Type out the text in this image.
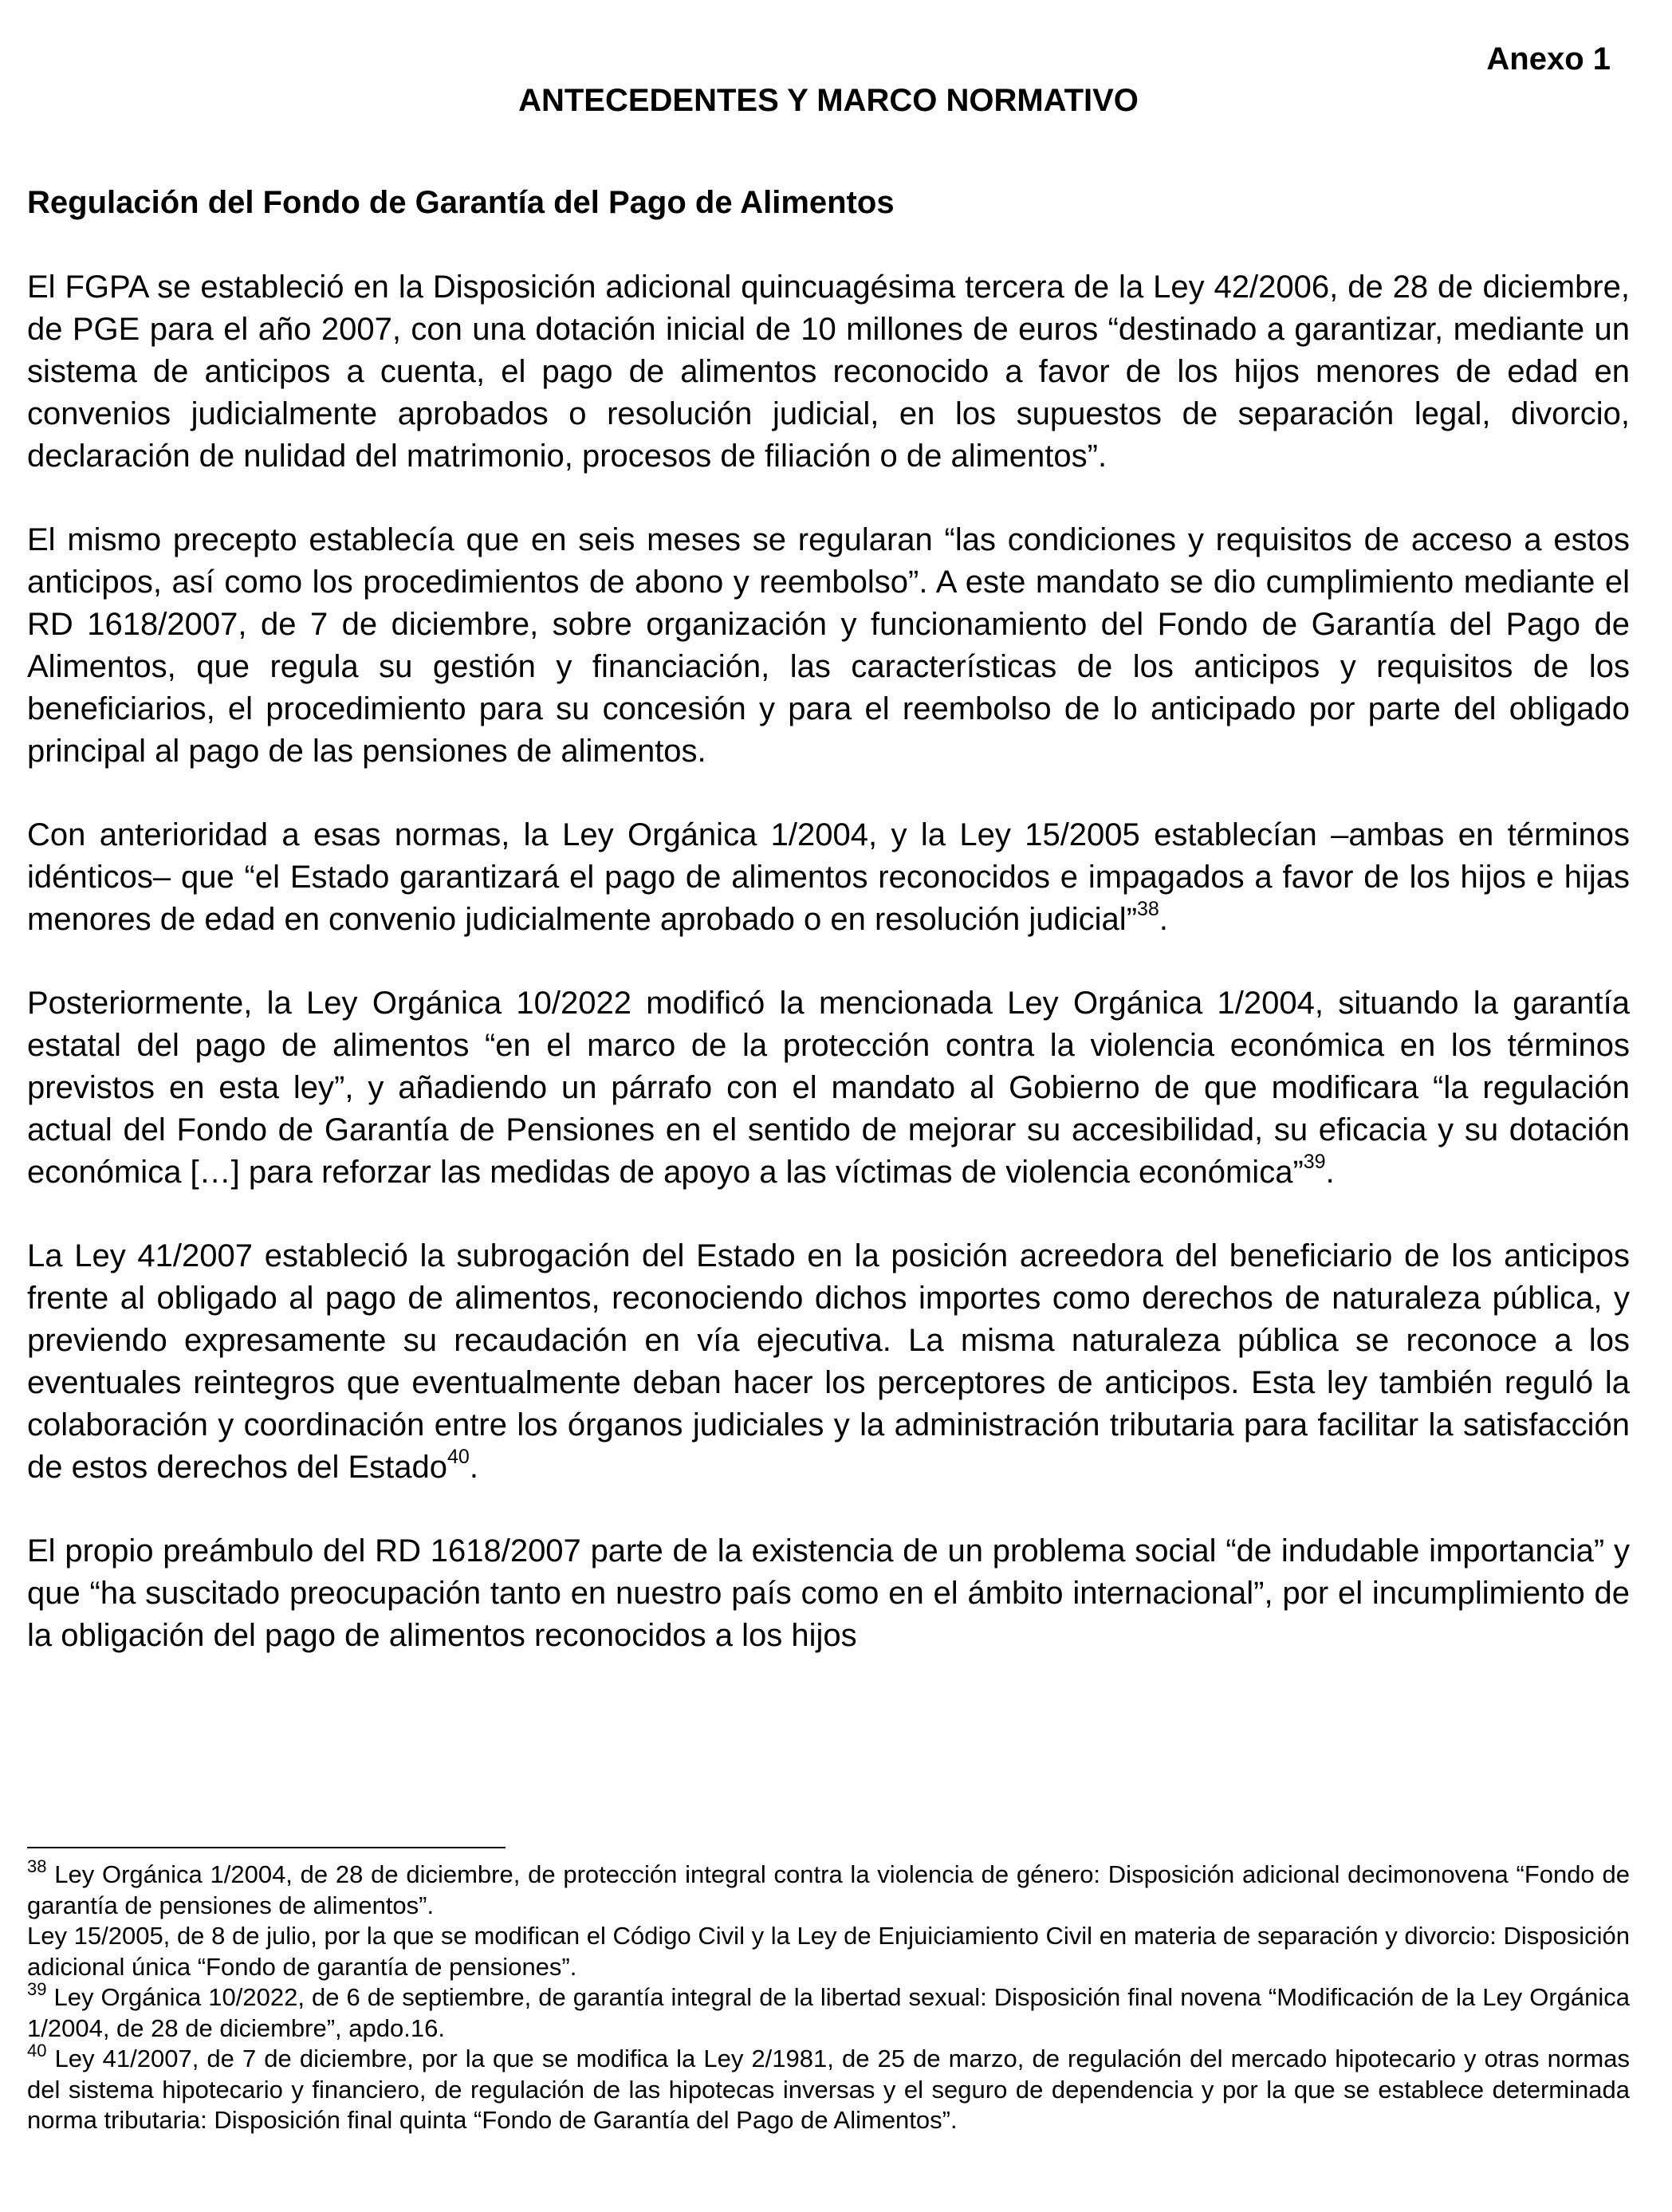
Anexo 1

ANTECEDENTES Y MARCO NORMATIVO
Regulación del Fondo de Garantía del Pago de Alimentos

El FGPA se estableció en la Disposición adicional quincuagésima tercera de la Ley 42/2006, de 28 de diciembre, de PGE para el año 2007, con una dotación inicial de 10 millones de euros “destinado a garantizar, mediante un sistema de anticipos a cuenta, el pago de alimentos reconocido a favor de los hijos menores de edad en convenios judicialmente aprobados o resolución judicial, en los supuestos de separación legal, divorcio, declaración de nulidad del matrimonio, procesos de filiación o de alimentos”.

El mismo precepto establecía que en seis meses se regularan “las condiciones y requisitos de acceso a estos anticipos, así como los procedimientos de abono y reembolso”. A este mandato se dio cumplimiento mediante el RD 1618/2007, de 7 de diciembre, sobre organización y funcionamiento del Fondo de Garantía del Pago de Alimentos, que regula su gestión y financiación, las características de los anticipos y requisitos de los beneficiarios, el procedimiento para su concesión y para el reembolso de lo anticipado por parte del obligado principal al pago de las pensiones de alimentos.

Con anterioridad a esas normas, la Ley Orgánica 1/2004, y la Ley 15/2005 establecían –ambas en términos idénticos– que “el Estado garantizará el pago de alimentos reconocidos e impagados a favor de los hijos e hijas menores de edad en convenio judicialmente aprobado o en resolución judicial”$^{38}$.

Posteriormente, la Ley Orgánica 10/2022 modificó la mencionada Ley Orgánica 1/2004, situando la garantía estatal del pago de alimentos “en el marco de la protección contra la violencia económica en los términos previstos en esta ley”, y añadiendo un párrafo con el mandato al Gobierno de que modificara “la regulación actual del Fondo de Garantía de Pensiones en el sentido de mejorar su accesibilidad, su eficacia y su dotación económica […] para reforzar las medidas de apoyo a las víctimas de violencia económica”$^{39}$.

La Ley 41/2007 estableció la subrogación del Estado en la posición acreedora del beneficiario de los anticipos frente al obligado al pago de alimentos, reconociendo dichos importes como derechos de naturaleza pública, y previendo expresamente su recaudación en vía ejecutiva. La misma naturaleza pública se reconoce a los eventuales reintegros que eventualmente deban hacer los perceptores de anticipos. Esta ley también reguló la colaboración y coordinación entre los órganos judiciales y la administración tributaria para facilitar la satisfacción de estos derechos del Estado$^{40}$.

El propio preámbulo del RD 1618/2007 parte de la existencia de un problema social “de indudable importancia” y que “ha suscitado preocupación tanto en nuestro país como en el ámbito internacional”, por el incumplimiento de la obligación del pago de alimentos reconocidos a los hijos

$^{38}$ Ley Orgánica 1/2004, de 28 de diciembre, de protección integral contra la violencia de género: Disposición adicional decimonovena “Fondo de garantía de pensiones de alimentos”.

Ley 15/2005, de 8 de julio, por la que se modifican el Código Civil y la Ley de Enjuiciamiento Civil en materia de separación y divorcio: Disposición adicional única “Fondo de garantía de pensiones”.

$^{39}$ Ley Orgánica 10/2022, de 6 de septiembre, de garantía integral de la libertad sexual: Disposición final novena “Modificación de la Ley Orgánica 1/2004, de 28 de diciembre”, apdo.16.

$^{40}$ Ley 41/2007, de 7 de diciembre, por la que se modifica la Ley 2/1981, de 25 de marzo, de regulación del mercado hipotecario y otras normas del sistema hipotecario y financiero, de regulación de las hipotecas inversas y el seguro de dependencia y por la que se establece determinada norma tributaria: Disposición final quinta “Fondo de Garantía del Pago de Alimentos”.
